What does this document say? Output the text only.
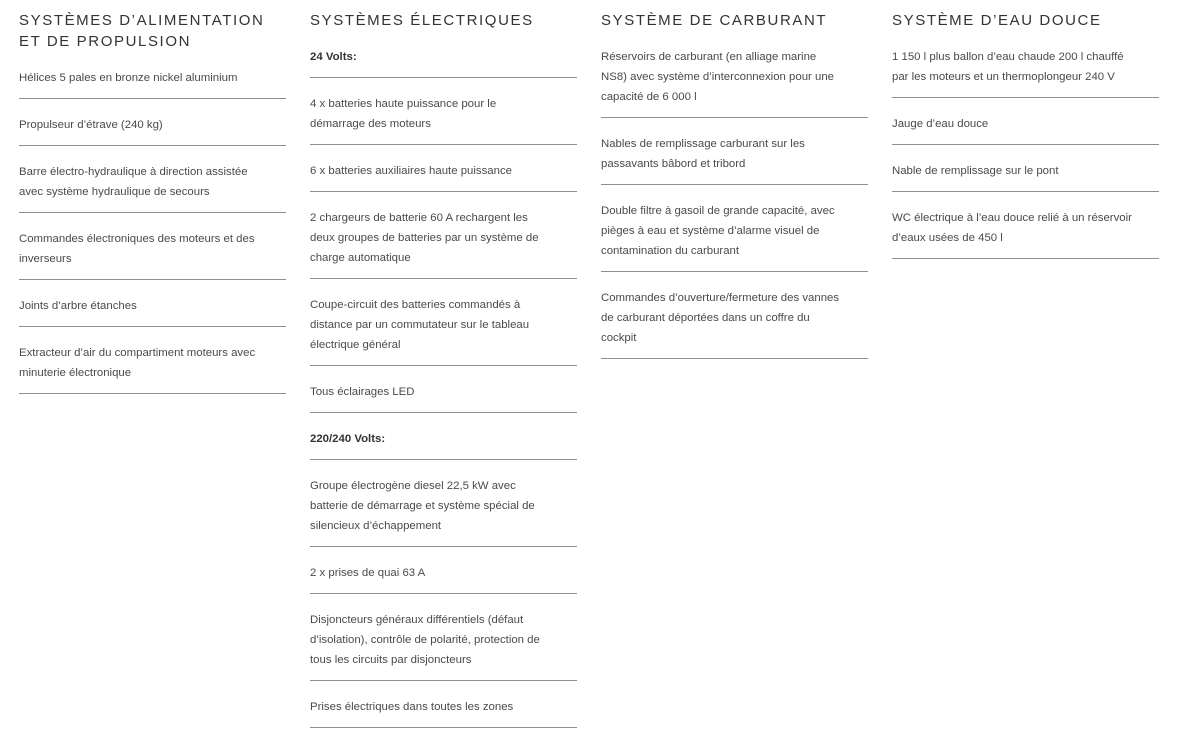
SYSTÈMES D’ALIMENTATION
ET DE PROPULSION
Hélices 5 pales en bronze nickel aluminium
Propulseur d’étrave (240 kg)
Barre électro-hydraulique à direction assistée
avec système hydraulique de secours
Commandes électroniques des moteurs et des
inverseurs
Joints d’arbre étanches
Extracteur d’air du compartiment moteurs avec
minuterie électronique
SYSTÈMES ÉLECTRIQUES
24 Volts:
4 x batteries haute puissance pour le
démarrage des moteurs
6 x batteries auxiliaires haute puissance
2 chargeurs de batterie 60 A rechargent les
deux groupes de batteries par un système de
charge automatique
Coupe-circuit des batteries commandés à
distance par un commutateur sur le tableau
électrique général
Tous éclairages LED
220/240 Volts:
Groupe électrogène diesel 22,5 kW avec
batterie de démarrage et système spécial de
silencieux d’échappement
2 x prises de quai 63 A
Disjoncteurs généraux différentiels (défaut
d’isolation), contrôle de polarité, protection de
tous les circuits par disjoncteurs
Prises électriques dans toutes les zones
SYSTÈME DE CARBURANT
Réservoirs de carburant (en alliage marine
NS8) avec système d’interconnexion pour une
capacité de 6 000 l
Nables de remplissage carburant sur les
passavants bâbord et tribord
Double filtre à gasoil de grande capacité, avec
pièges à eau et système d’alarme visuel de
contamination du carburant
Commandes d’ouverture/fermeture des vannes
de carburant déportées dans un coffre du
cockpit
SYSTÈME D’EAU DOUCE
1 150 l plus ballon d’eau chaude 200 l chauffé
par les moteurs et un thermoplongeur 240 V
Jauge d’eau douce
Nable de remplissage sur le pont
WC électrique à l’eau douce relié à un réservoir
d’eaux usées de 450 l
